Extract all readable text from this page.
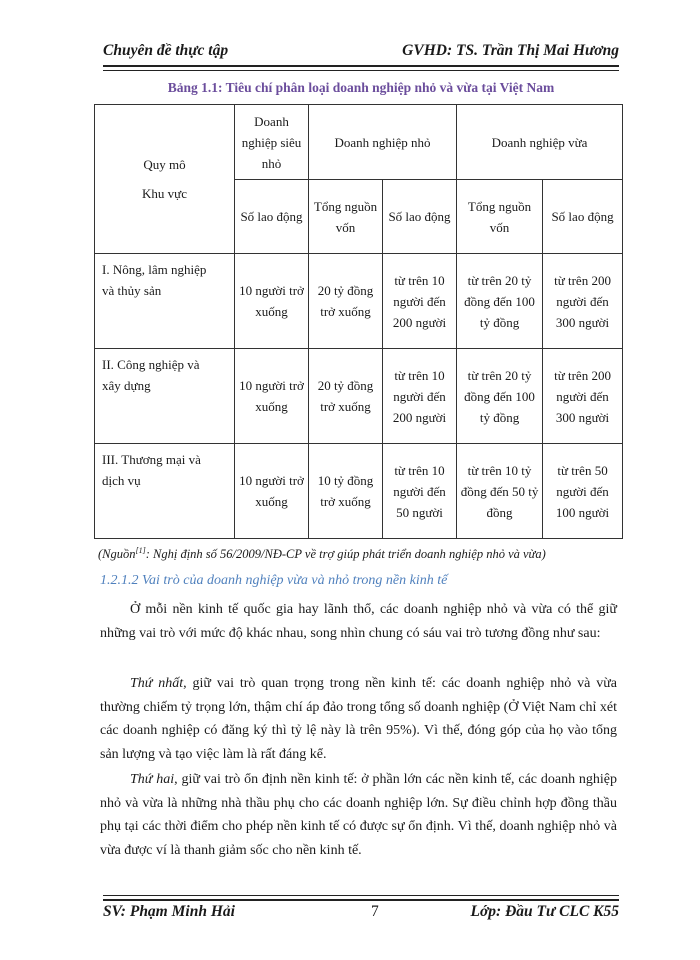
Chuyên đề thực tập	GVHD: TS. Trần Thị Mai Hương
Bảng 1.1: Tiêu chí phân loại doanh nghiệp nhỏ và vừa tại Việt Nam
Quy mô
Khu vực	Doanh nghiệp siêu nhỏ	Doanh nghiệp nhỏ		Doanh nghiệp vừa	
	Số lao động	Tổng nguồn vốn	Số lao động	Tổng nguồn vốn	Số lao động

I. Nông, lâm nghiệp
và thủy sản	10 người trở xuống	20 tỷ đồng trở xuống	từ trên 10 người đến 200 người	từ trên 20 tỷ đồng đến 100 tỷ đồng	từ trên 200 người đến 300 người

II. Công nghiệp và
xây dựng	10 người trở xuống	20 tỷ đồng trở xuống	từ trên 10 người đến 200 người	từ trên 20 tỷ đồng đến 100 tỷ đồng	từ trên 200 người đến 300 người

III. Thương mại và
dịch vụ	10 người trở xuống	10 tỷ đồng trở xuống	từ trên 10 người đến 50 người	từ trên 10 tỷ đồng đến 50 tỷ đồng	từ trên 50 người đến 100 người
(Nguồn[1]: Nghị định số 56/2009/NĐ-CP về trợ giúp phát triển doanh nghiệp nhỏ và vừa)
1.2.1.2 Vai trò của doanh nghiệp vừa và nhỏ trong nền kinh tế
Ở mỗi nền kinh tế quốc gia hay lãnh thổ, các doanh nghiệp nhỏ và vừa có thể giữ những vai trò với mức độ khác nhau, song nhìn chung có sáu vai trò tương đồng như sau:
Thứ nhất, giữ vai trò quan trọng trong nền kinh tế: các doanh nghiệp nhỏ và vừa thường chiếm tỷ trọng lớn, thậm chí áp đảo trong tổng số doanh nghiệp (Ở Việt Nam chỉ xét các doanh nghiệp có đăng ký thì tỷ lệ này là trên 95%). Vì thế, đóng góp của họ vào tổng sản lượng và tạo việc làm là rất đáng kể.
Thứ hai, giữ vai trò ổn định nền kinh tế: ở phần lớn các nền kinh tế, các doanh nghiệp nhỏ và vừa là những nhà thầu phụ cho các doanh nghiệp lớn. Sự điều chỉnh hợp đồng thầu phụ tại các thời điểm cho phép nền kinh tế có được sự ổn định. Vì thế, doanh nghiệp nhỏ và vừa được ví là thanh giảm sốc cho nền kinh tế.
SV: Phạm Minh Hải	7	Lớp: Đầu Tư CLC K55
